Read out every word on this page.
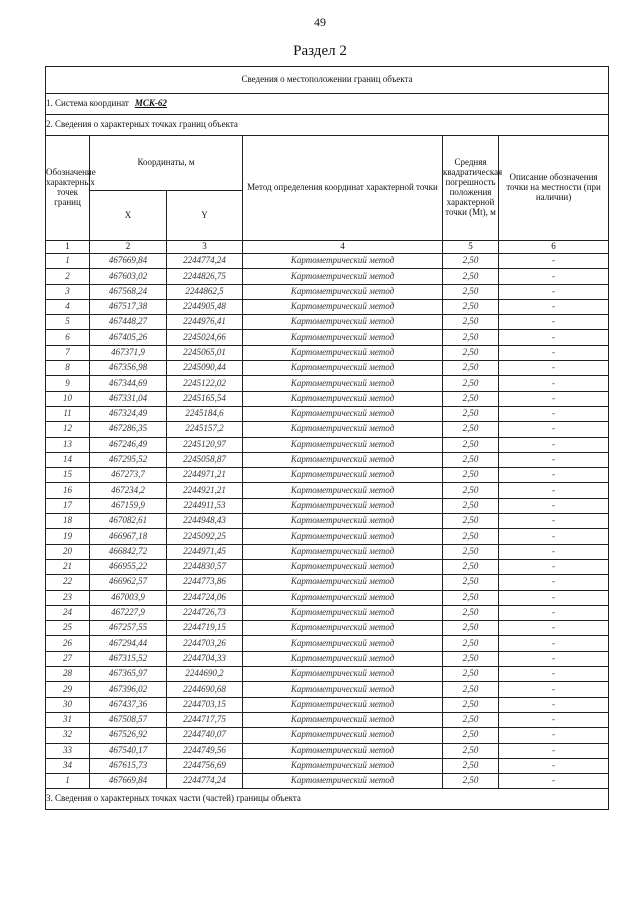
49
Раздел 2
Сведения о местоположении границ объекта					
1. Система координат МСК-62					
2. Сведения о характерных точках границ объекта					
Обозначение характерных точек границ	Координаты, м		Метод определения координат характерной точки	Средняя квадратическая погрешность положения характерной точки (Мt), м	Описание обозначения точки на местности (при наличии)
	X	Y			
1	2	3	4	5	6
1	467669,84	2244774,24	Картометрический метод	2,50	-
2	467603,02	2244826,75	Картометрический метод	2,50	-
3	467568,24	2244862,5	Картометрический метод	2,50	-
4	467517,38	2244905,48	Картометрический метод	2,50	-
5	467448,27	2244976,41	Картометрический метод	2,50	-
6	467405,26	2245024,66	Картометрический метод	2,50	-
7	467371,9	2245065,01	Картометрический метод	2,50	-
8	467356,98	2245090,44	Картометрический метод	2,50	-
9	467344,69	2245122,02	Картометрический метод	2,50	-
10	467331,04	2245165,54	Картометрический метод	2,50	-
11	467324,49	2245184,6	Картометрический метод	2,50	-
12	467286,35	2245157,2	Картометрический метод	2,50	-
13	467246,49	2245120,97	Картометрический метод	2,50	-
14	467295,52	2245058,87	Картометрический метод	2,50	-
15	467273,7	2244971,21	Картометрический метод	2,50	-
16	467234,2	2244921,21	Картометрический метод	2,50	-
17	467159,9	2244911,53	Картометрический метод	2,50	-
18	467082,61	2244948,43	Картометрический метод	2,50	-
19	466967,18	2245092,25	Картометрический метод	2,50	-
20	466842,72	2244971,45	Картометрический метод	2,50	-
21	466955,22	2244830,57	Картометрический метод	2,50	-
22	466962,57	2244773,86	Картометрический метод	2,50	-
23	467003,9	2244724,06	Картометрический метод	2,50	-
24	467227,9	2244726,73	Картометрический метод	2,50	-
25	467257,55	2244719,15	Картометрический метод	2,50	-
26	467294,44	2244703,26	Картометрический метод	2,50	-
27	467315,52	2244704,33	Картометрический метод	2,50	-
28	467365,97	2244690,2	Картометрический метод	2,50	-
29	467396,02	2244690,68	Картометрический метод	2,50	-
30	467437,36	2244703,15	Картометрический метод	2,50	-
31	467508,57	2244717,75	Картометрический метод	2,50	-
32	467526,92	2244740,07	Картометрический метод	2,50	-
33	467540,17	2244749,56	Картометрический метод	2,50	-
34	467615,73	2244756,69	Картометрический метод	2,50	-
1	467669,84	2244774,24	Картометрический метод	2,50	-
3. Сведения о характерных точках части (частей) границы объекта					
